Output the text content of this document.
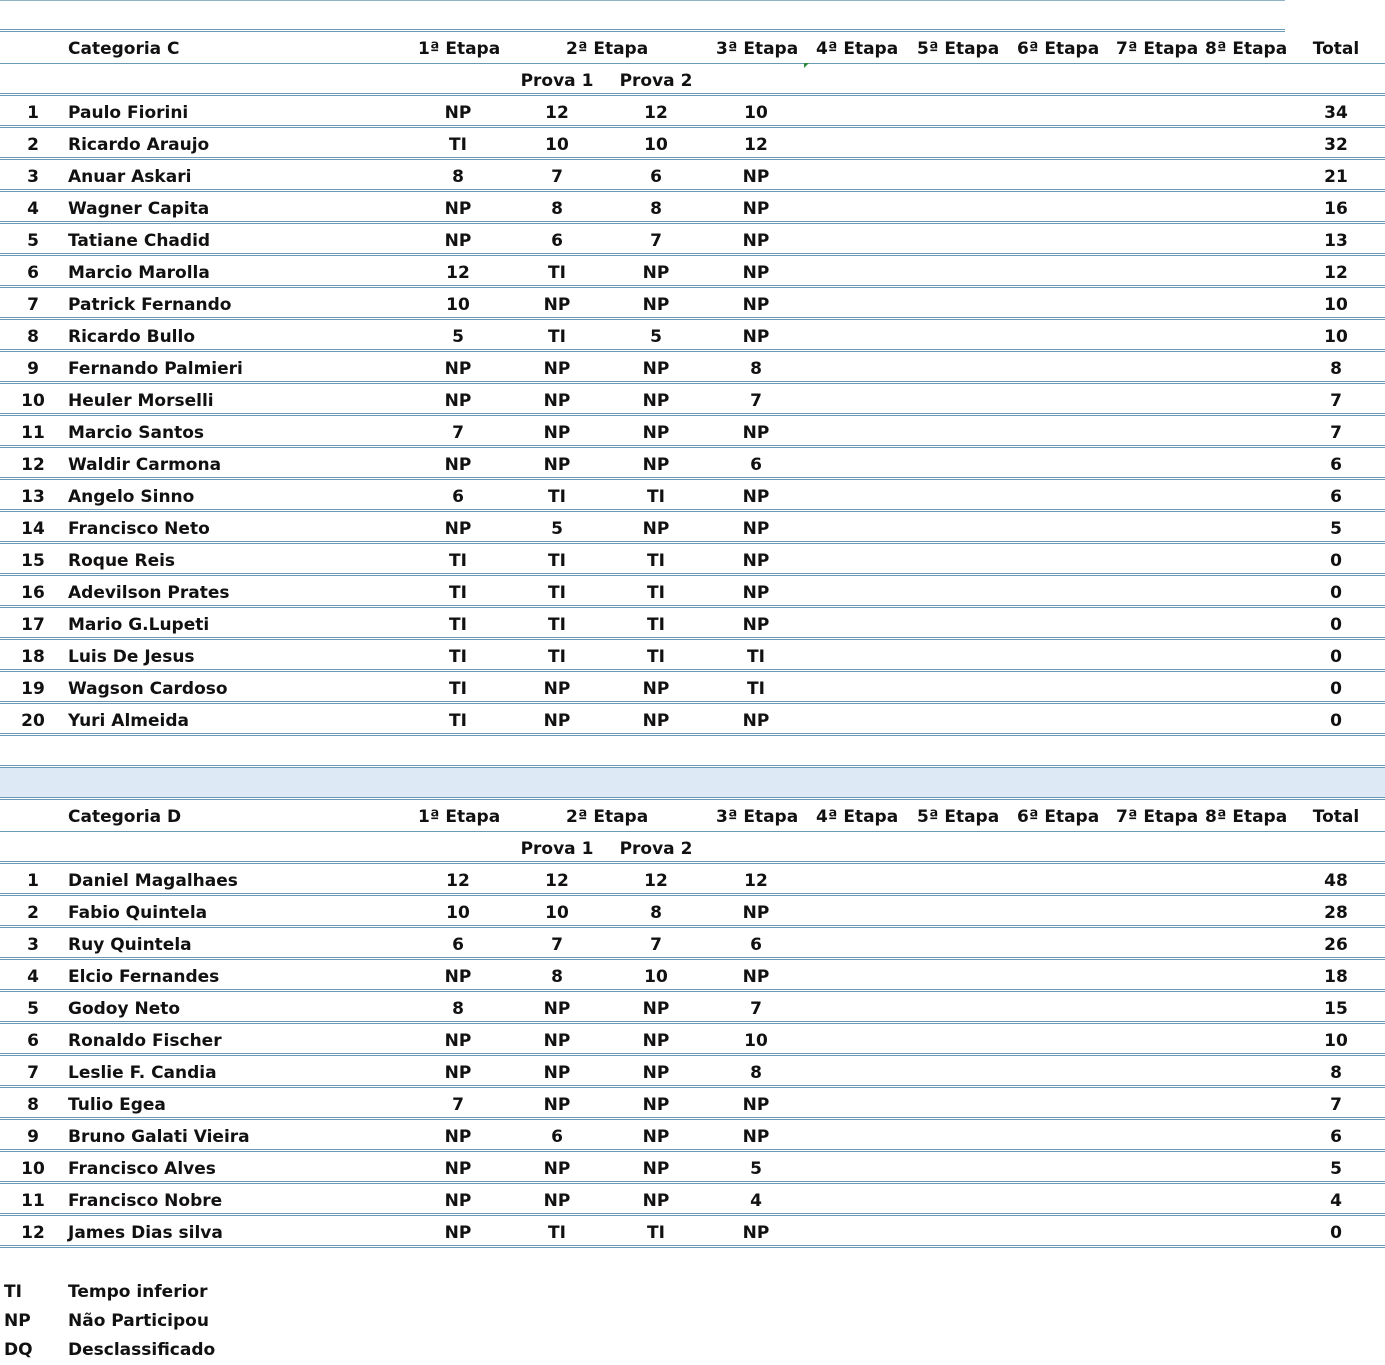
Categoria C	1ª Etapa	2ª Etapa	3ª Etapa 4ª Etapa 5ª Etapa 6ª Etapa 7ª Etapa 8ª Etapa	Total
Prova 1 Prova 2
1	Paulo Fiorini	NP	12	12	10	34
2	Ricardo Araujo	TI	10	10	12	32
3	Anuar Askari	8	7	6	NP	21
4	Wagner Capita	NP	8	8	NP	16
5	Tatiane Chadid	NP	6	7	NP	13
6	Marcio Marolla	12	TI	NP	NP	12
7	Patrick Fernando	10	NP	NP	NP	10
8	Ricardo Bullo	5	TI	5	NP	10
9	Fernando Palmieri	NP	NP	NP	8	8
10	Heuler Morselli	NP	NP	NP	7	7
11	Marcio Santos	7	NP	NP	NP	7
12	Waldir Carmona	NP	NP	NP	6	6
13	Angelo Sinno	6	TI	TI	NP	6
14	Francisco Neto	NP	5	NP	NP	5
15	Roque Reis	TI	TI	TI	NP	0
16	Adevilson Prates	TI	TI	TI	NP	0
17	Mario G.Lupeti	TI	TI	TI	NP	0
18	Luis De Jesus	TI	TI	TI	TI	0
19	Wagson Cardoso	TI	NP	NP	TI	0
20	Yuri Almeida	TI	NP	NP	NP	0
Categoria D	1ª Etapa	2ª Etapa	3ª Etapa 4ª Etapa 5ª Etapa 6ª Etapa 7ª Etapa 8ª Etapa	Total
Prova 1 Prova 2
1	Daniel Magalhaes	12	12	12	12	48
2	Fabio Quintela	10	10	8	NP	28
3	Ruy Quintela	6	7	7	6	26
4	Elcio Fernandes	NP	8	10	NP	18
5	Godoy Neto	8	NP	NP	7	15
6	Ronaldo Fischer	NP	NP	NP	10	10
7	Leslie F. Candia	NP	NP	NP	8	8
8	Tulio Egea	7	NP	NP	NP	7
9	Bruno Galati Vieira	NP	6	NP	NP	6
10	Francisco Alves	NP	NP	NP	5	5
11	Francisco Nobre	NP	NP	NP	4	4
12	James Dias silva	NP	TI	TI	NP	0
TI	Tempo inferior
NP Não Participou
DQ Desclassificado
